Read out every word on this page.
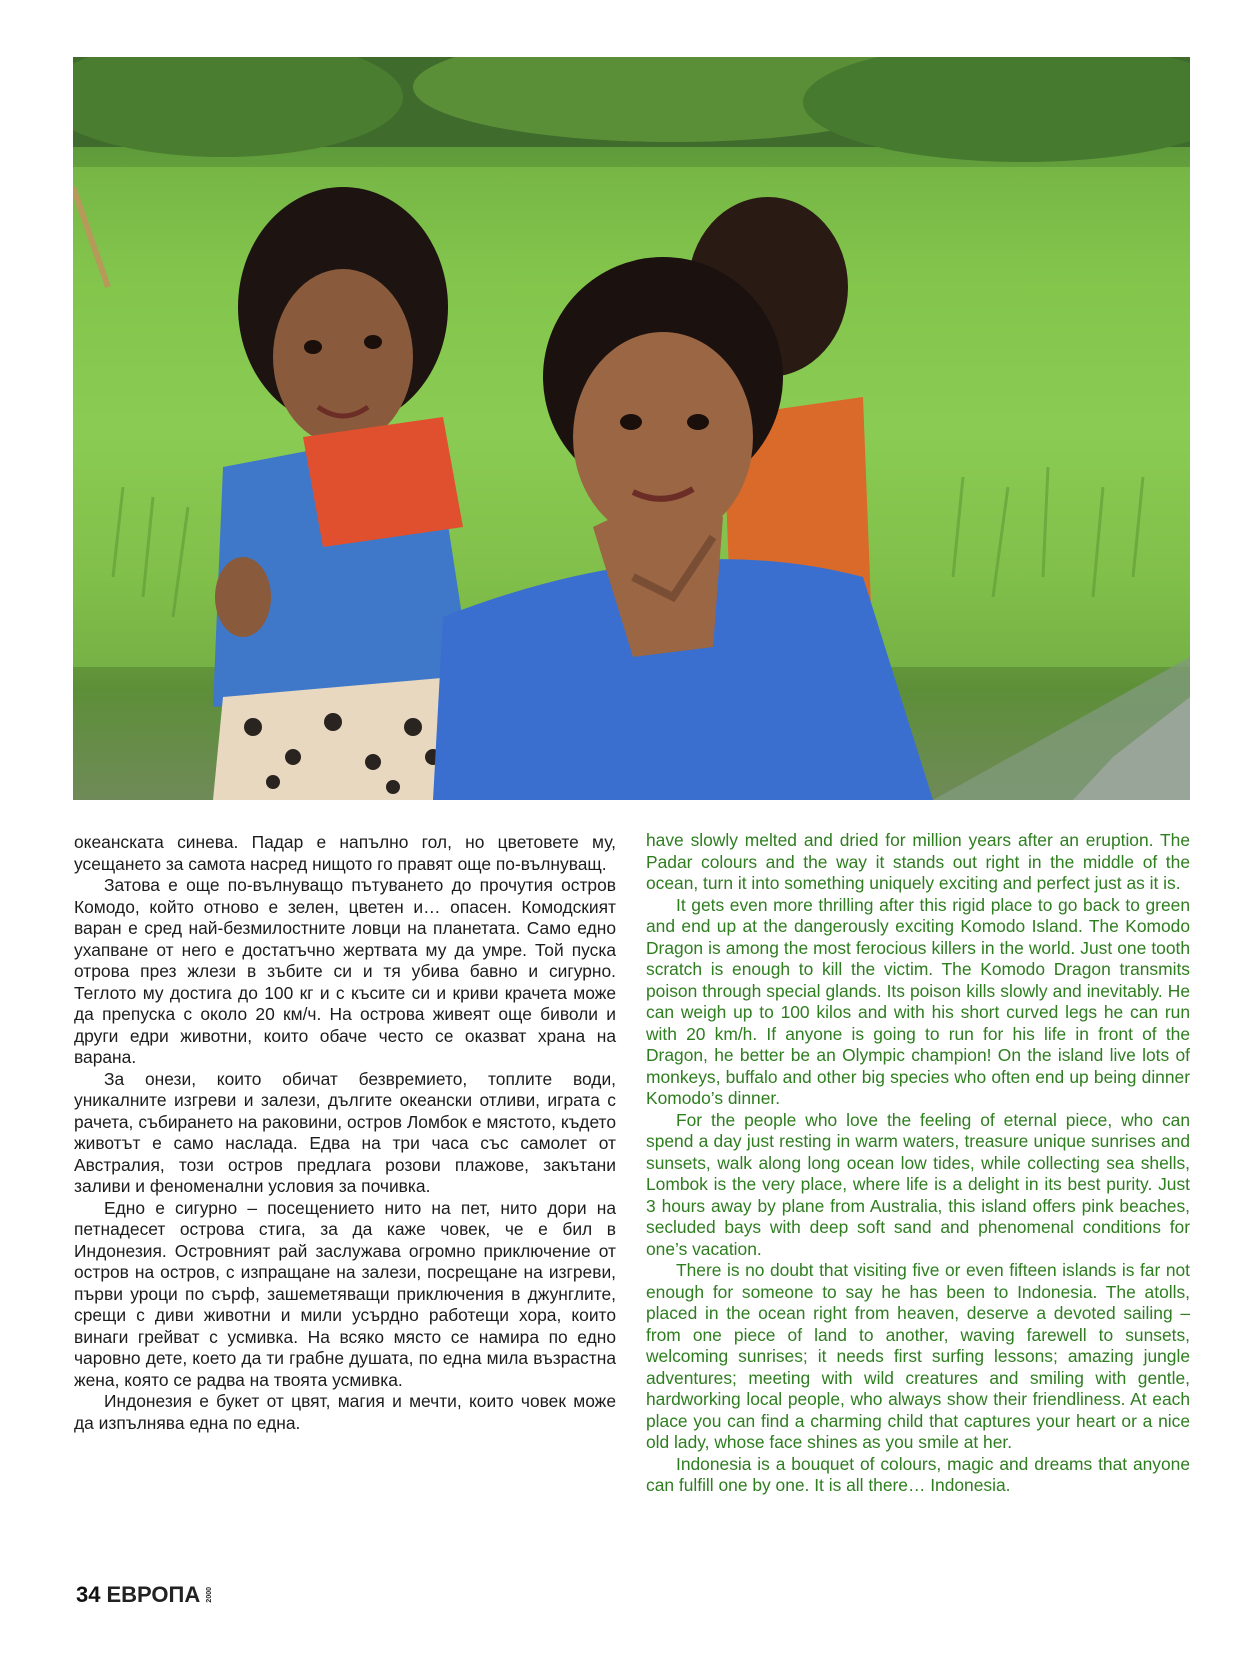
океанската синева. Падар е напълно гол, но цветовете му, усещането за самота насред нищото го правят още по-вълнуващ.

Затова е още по-вълнуващо пътуването до прочутия остров Комодо, който отново е зелен, цветен и… опасен. Комодският варан е сред най-безмилостните ловци на планетата. Само едно ухапване от него е достатъчно жертвата му да умре. Той пуска отрова през жлези в зъбите си и тя убива бавно и сигурно. Теглото му достига до 100 кг и с късите си и криви крачета може да препуска с около 20 км/ч. На острова живеят още биволи и други едри животни, които обаче често се оказват храна на варана.

За онези, които обичат безвремието, топлите води, уникалните изгреви и залези, дългите океански отливи, играта с рачета, събирането на раковини, остров Ломбок е мястото, където животът е само наслада. Едва на три часа със самолет от Австралия, този остров предлага розови плажове, закътани заливи и феноменални условия за почивка.

Едно е сигурно – посещението нито на пет, нито дори на петнадесет острова стига, за да каже човек, че е бил в Индонезия. Островният рай заслужава огромно приключение от остров на остров, с изпращане на залези, посрещане на изгреви, първи уроци по сърф, зашеметяващи приключения в джунглите, срещи с диви животни и мили усърдно работещи хора, които винаги грейват с усмивка. На всяко място се намира по едно чаровно дете, което да ти грабне душата, по една мила възрастна жена, която се радва на твоята усмивка.

Индонезия е букет от цвят, магия и мечти, които човек може да изпълнява една по една.

have slowly melted and dried for million years after an eruption. The Padar colours and the way it stands out right in the middle of the ocean, turn it into something uniquely exciting and perfect just as it is.

It gets even more thrilling after this rigid place to go back to green and end up at the dangerously exciting Komodo Island. The Komodo Dragon is among the most ferocious killers in the world. Just one tooth scratch is enough to kill the victim. The Komodo Dragon transmits poison through special glands. Its poison kills slowly and inevitably. He can weigh up to 100 kilos and with his short curved legs he can run with 20 km/h. If anyone is going to run for his life in front of the Dragon, he better be an Olympic champion! On the island live lots of monkeys, buffalo and other big species who often end up being dinner Komodo’s dinner.

For the people who love the feeling of eternal piece, who can spend a day just resting in warm waters, treasure unique sunrises and sunsets, walk along long ocean low tides, while collecting sea shells, Lombok is the very place, where life is a delight in its best purity. Just 3 hours away by plane from Australia, this island offers pink beaches, secluded bays with deep soft sand and phenomenal conditions for one’s vacation.

There is no doubt that visiting five or even fifteen islands is far not enough for someone to say he has been to Indonesia. The atolls, placed in the ocean right from heaven, deserve a devoted sailing – from one piece of land to another, waving farewell to sunsets, welcoming sunrises; it needs first surfing lessons; amazing jungle adventures; meeting with wild creatures and smiling with gentle, hardworking local people, who always show their friendliness. At each place you can find a charming child that captures your heart or a nice old lady, whose face shines as you smile at her.

Indonesia is a bouquet of colours, magic and dreams that anyone can fulfill one by one. It is all there… Indonesia.

34 ЕВРОПА 2000
